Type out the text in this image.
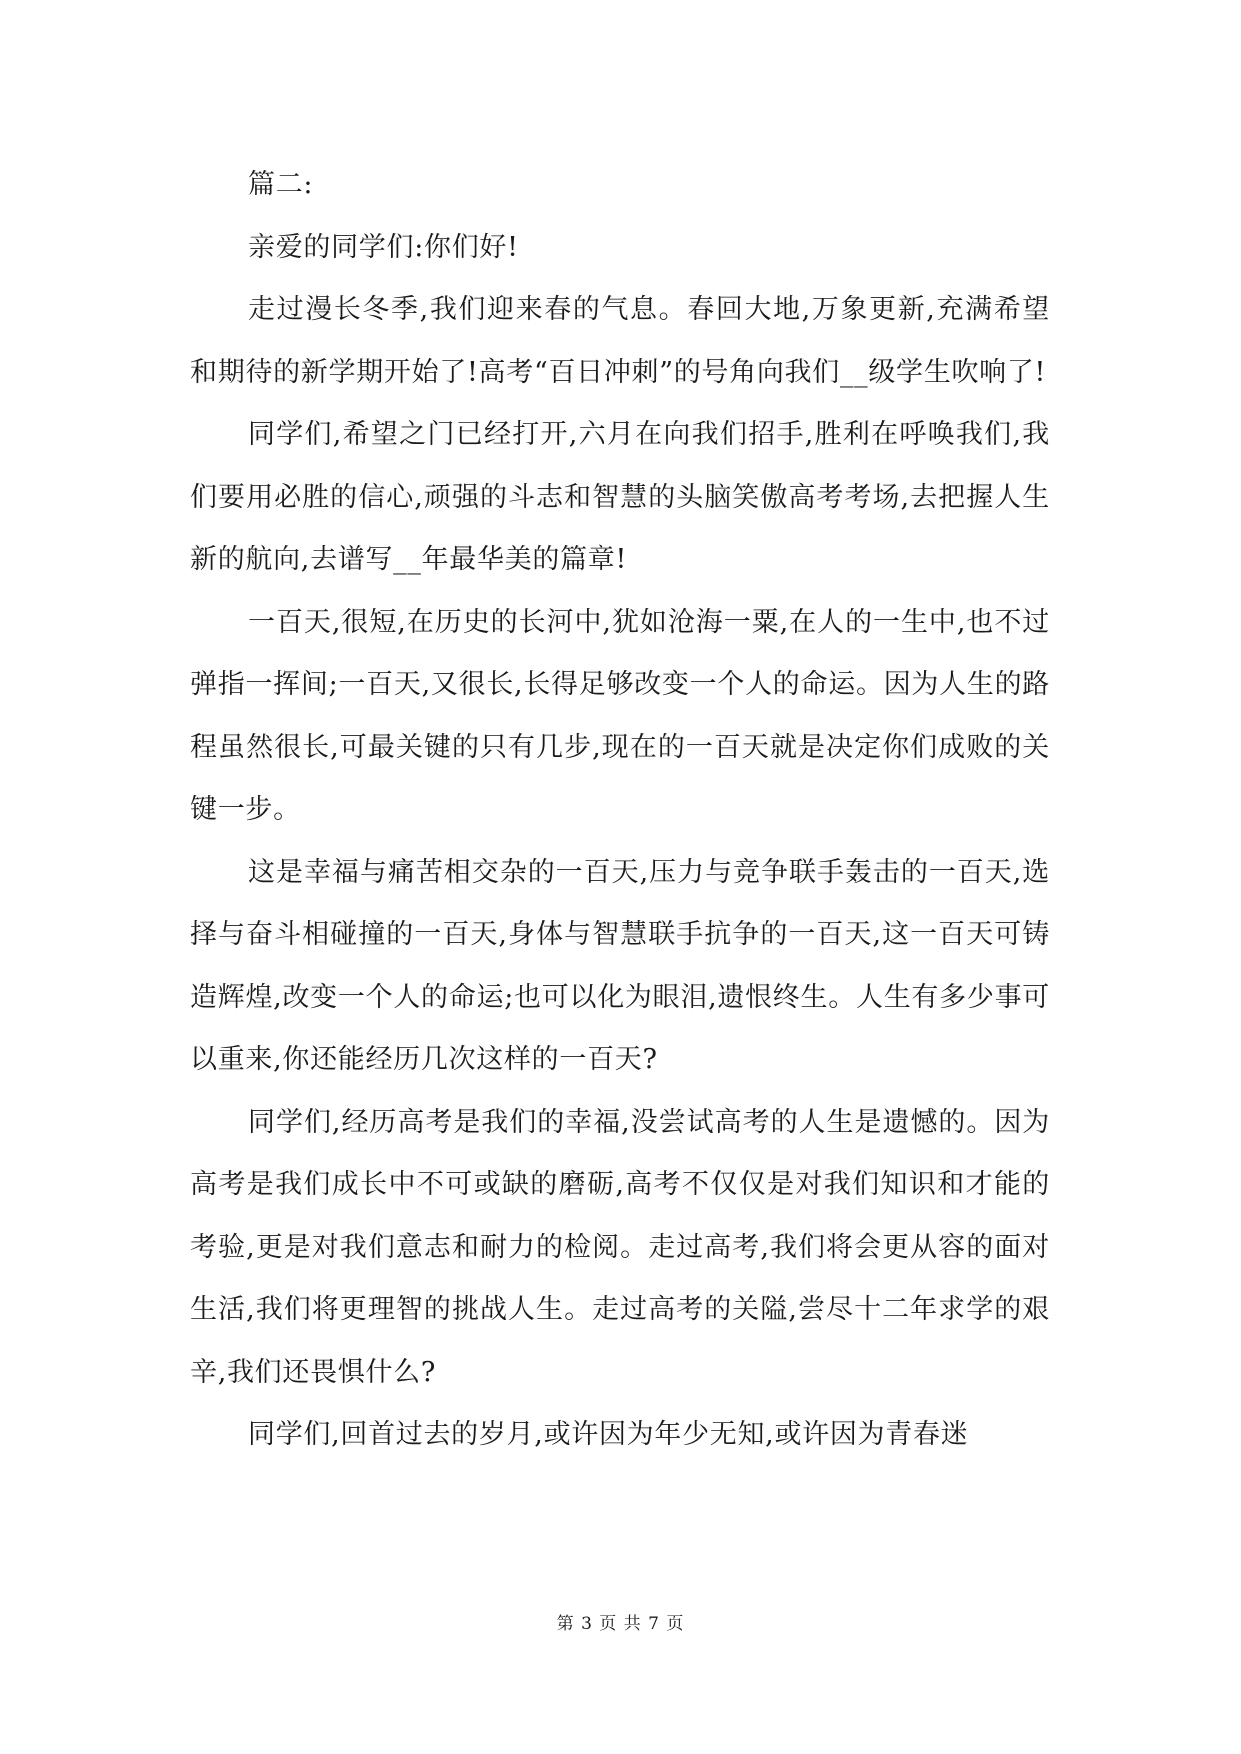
篇二:

亲爱的同学们:你们好!

走过漫长冬季,我们迎来春的气息。春回大地,万象更新,充满希望和期待的新学期开始了!高考“百日冲刺”的号角向我们__级学生吹响了!

同学们,希望之门已经打开,六月在向我们招手,胜利在呼唤我们,我们要用必胜的信心,顽强的斗志和智慧的头脑笑傲高考考场,去把握人生新的航向,去谱写__年最华美的篇章!

一百天,很短,在历史的长河中,犹如沧海一粟,在人的一生中,也不过弹指一挥间;一百天,又很长,长得足够改变一个人的命运。因为人生的路程虽然很长,可最关键的只有几步,现在的一百天就是决定你们成败的关键一步。

这是幸福与痛苦相交杂的一百天,压力与竞争联手轰击的一百天,选择与奋斗相碰撞的一百天,身体与智慧联手抗争的一百天,这一百天可铸造辉煌,改变一个人的命运;也可以化为眼泪,遗恨终生。人生有多少事可以重来,你还能经历几次这样的一百天?

同学们,经历高考是我们的幸福,没尝试高考的人生是遗憾的。因为高考是我们成长中不可或缺的磨砺,高考不仅仅是对我们知识和才能的考验,更是对我们意志和耐力的检阅。走过高考,我们将会更从容的面对生活,我们将更理智的挑战人生。走过高考的关隘,尝尽十二年求学的艰辛,我们还畏惧什么?

同学们,回首过去的岁月,或许因为年少无知,或许因为青春迷

第 3 页 共 7 页
